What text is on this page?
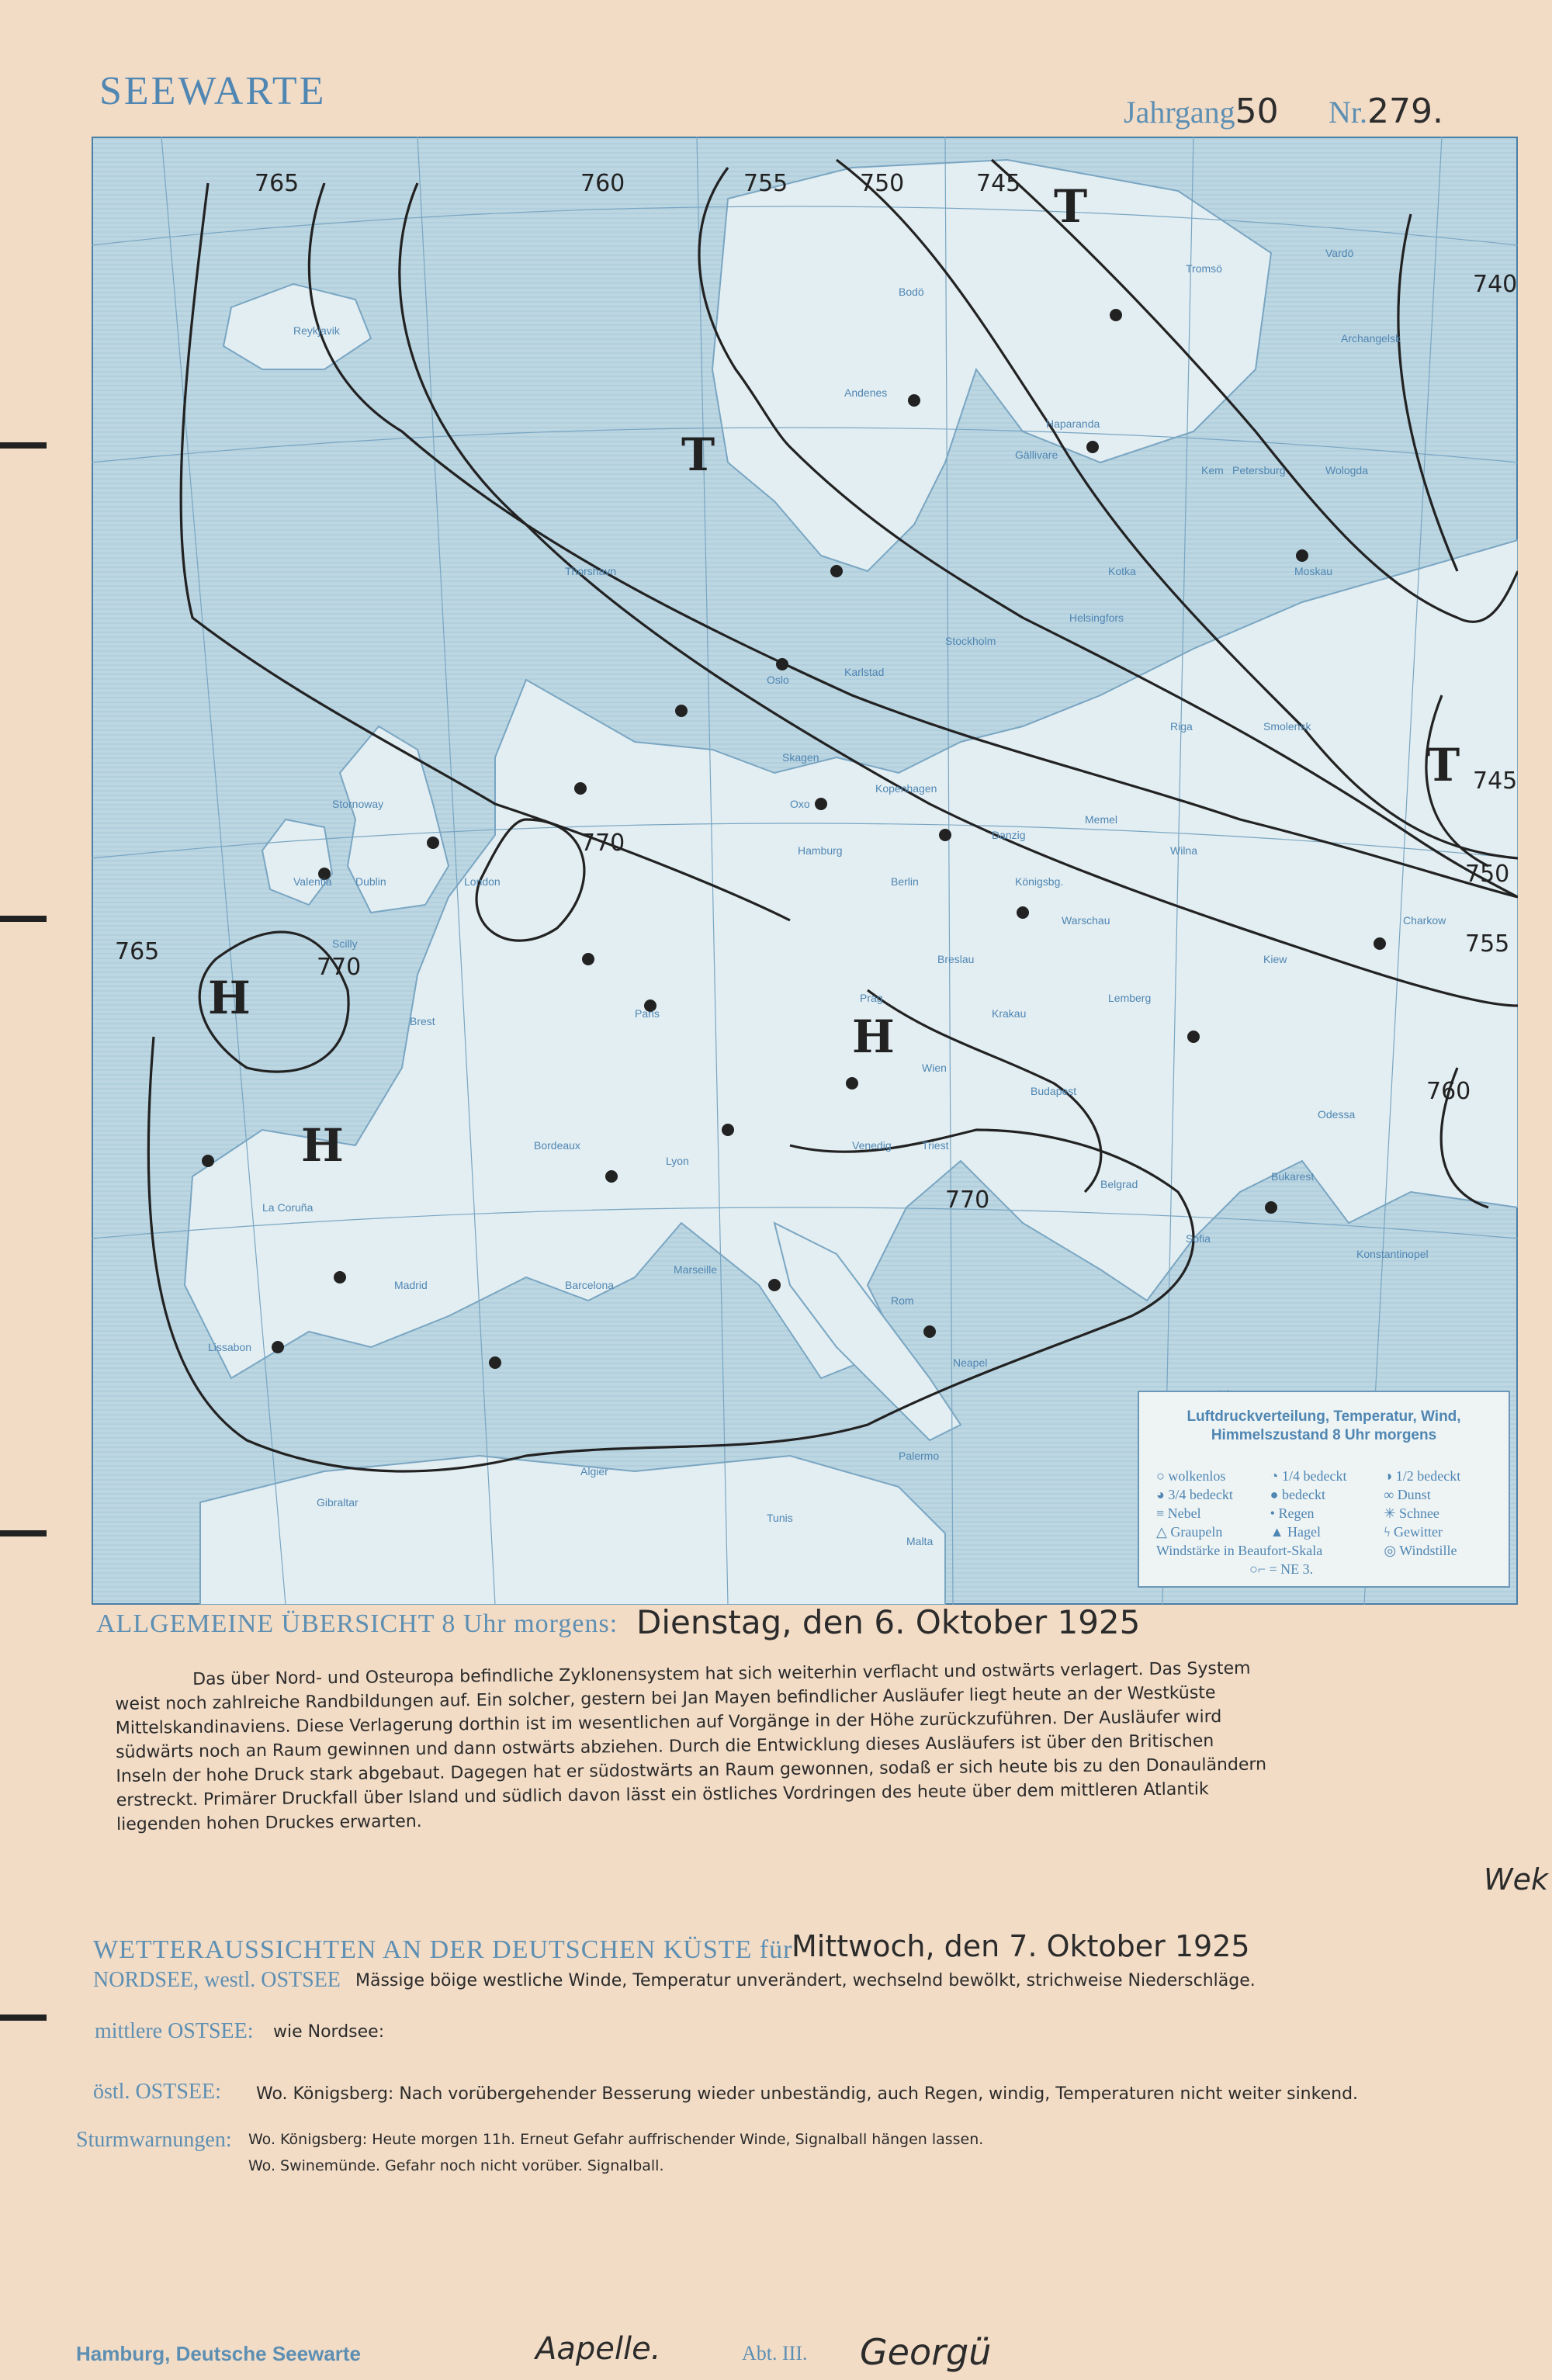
SEEWARTE	Jahrgang50 Nr.279.
765	760	755	750	745
740
745
750
755
760
770
770
765
770
H
H
H
T
T
T
Reykjavik
Thorshavn
Andenes
Bodö
Gällivare
Haparanda
Archangelsk
Kem
Kotka
Helsingfors
Stockholm
Karlstad
Oslo
Skagen
Kopenhagen
Hamburg
Berlin
Danzig
Königsbg.
Memel
Riga
Wilna
Warschau
Breslau
Prag
Wien
Budapest
Krakau
Lemberg
Kiew
Charkow
Odessa
Paris
Brest
Bordeaux
Lyon
Marseille
Barcelona
Madrid
Lissabon
La Coruña
Rom
Neapel
Venedig	Triest
Belgrad
Bukarest
Sofia
Konstantinopel
Palermo
Malta
Algier
Tunis
Gibraltar
Valentia
Stornoway
Dublin	London
Scilly
Moskau
Smolensk
Wologda
Petersburg
Vardö
Tromsö
Oxo
Luftdruckverteilung, Temperatur, Wind,
Himmelszustand 8 Uhr morgens
○ wolkenlos	◔ 1/4 bedeckt	◑ 1/2 bedeckt
◕ 3/4 bedeckt	● bedeckt	∞ Dunst
≡ Nebel	• Regen	✳ Schnee
△ Graupeln	▲ Hagel	ϟ Gewitter
Windstärke in Beaufort-Skala	◎ Windstille
○⌐ = NE 3.
ALLGEMEINE ÜBERSICHT 8 Uhr morgens: Dienstag, den 6. Oktober 1925
Das über Nord- und Osteuropa befindliche Zyklonensystem hat sich weiterhin verflacht und ostwärts verlagert. Das System
weist noch zahlreiche Randbildungen auf. Ein solcher, gestern bei Jan Mayen befindlicher Ausläufer liegt heute an der Westküste
Mittelskandinaviens. Diese Verlagerung dorthin ist im wesentlichen auf Vorgänge in der Höhe zurückzuführen. Der Ausläufer wird
südwärts noch an Raum gewinnen und dann ostwärts abziehen. Durch die Entwicklung dieses Ausläufers ist über den Britischen
Inseln der hohe Druck stark abgebaut. Dagegen hat er südostwärts an Raum gewonnen, sodaß er sich heute bis zu den Donauländern
erstreckt. Primärer Druckfall über Island und südlich davon lässt ein östliches Vordringen des heute über dem mittleren Atlantik
liegenden hohen Druckes erwarten.
Wek
WETTERAUSSICHTEN AN DER DEUTSCHEN KÜSTE für
Mittwoch, den 7. Oktober 1925
NORDSEE, westl. OSTSEE Mässige böige westliche Winde, Temperatur unverändert, wechselnd bewölkt, strichweise Niederschläge.
mittlere OSTSEE: wie Nordsee:
östl. OSTSEE: Wo. Königsberg: Nach vorübergehender Besserung wieder unbeständig, auch Regen, windig, Temperaturen nicht weiter sinkend.
Sturmwarnungen: Wo. Königsberg: Heute morgen 11h. Erneut Gefahr auffrischender Winde, Signalball hängen lassen.
Wo. Swinemünde. Gefahr noch nicht vorüber. Signalball.
Hamburg, Deutsche Seewarte	Aapelle.	Abt. III. Georgü
